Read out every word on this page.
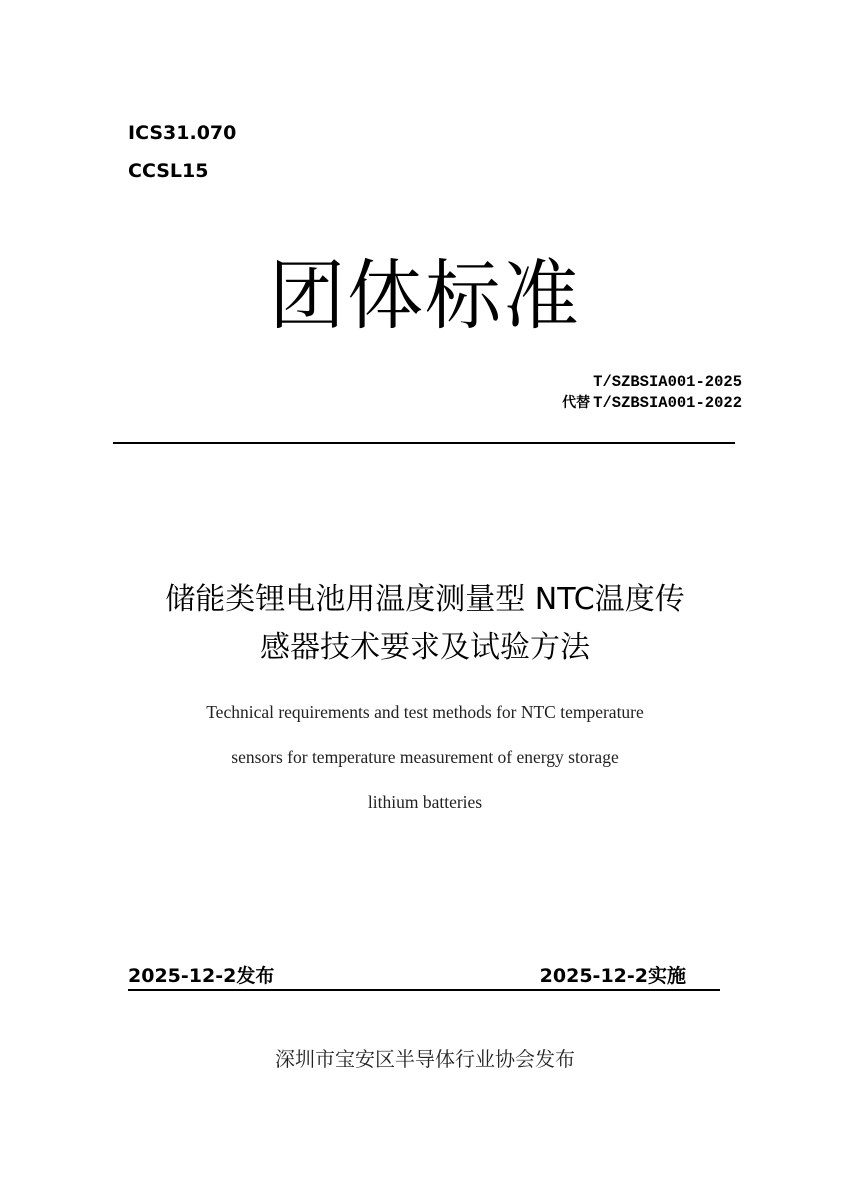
ICS31.070
CCSL15
团体标准
T/SZBSIA001-2025
代替 T/SZBSIA001-2022
储能类锂电池用温度测量型 NTC温度传
感器技术要求及试验方法
Technical requirements and test methods for NTC temperature
sensors for temperature measurement of energy storage
lithium batteries
2025-12-2发布	2025-12-2实施
深圳市宝安区半导体行业协会发布
